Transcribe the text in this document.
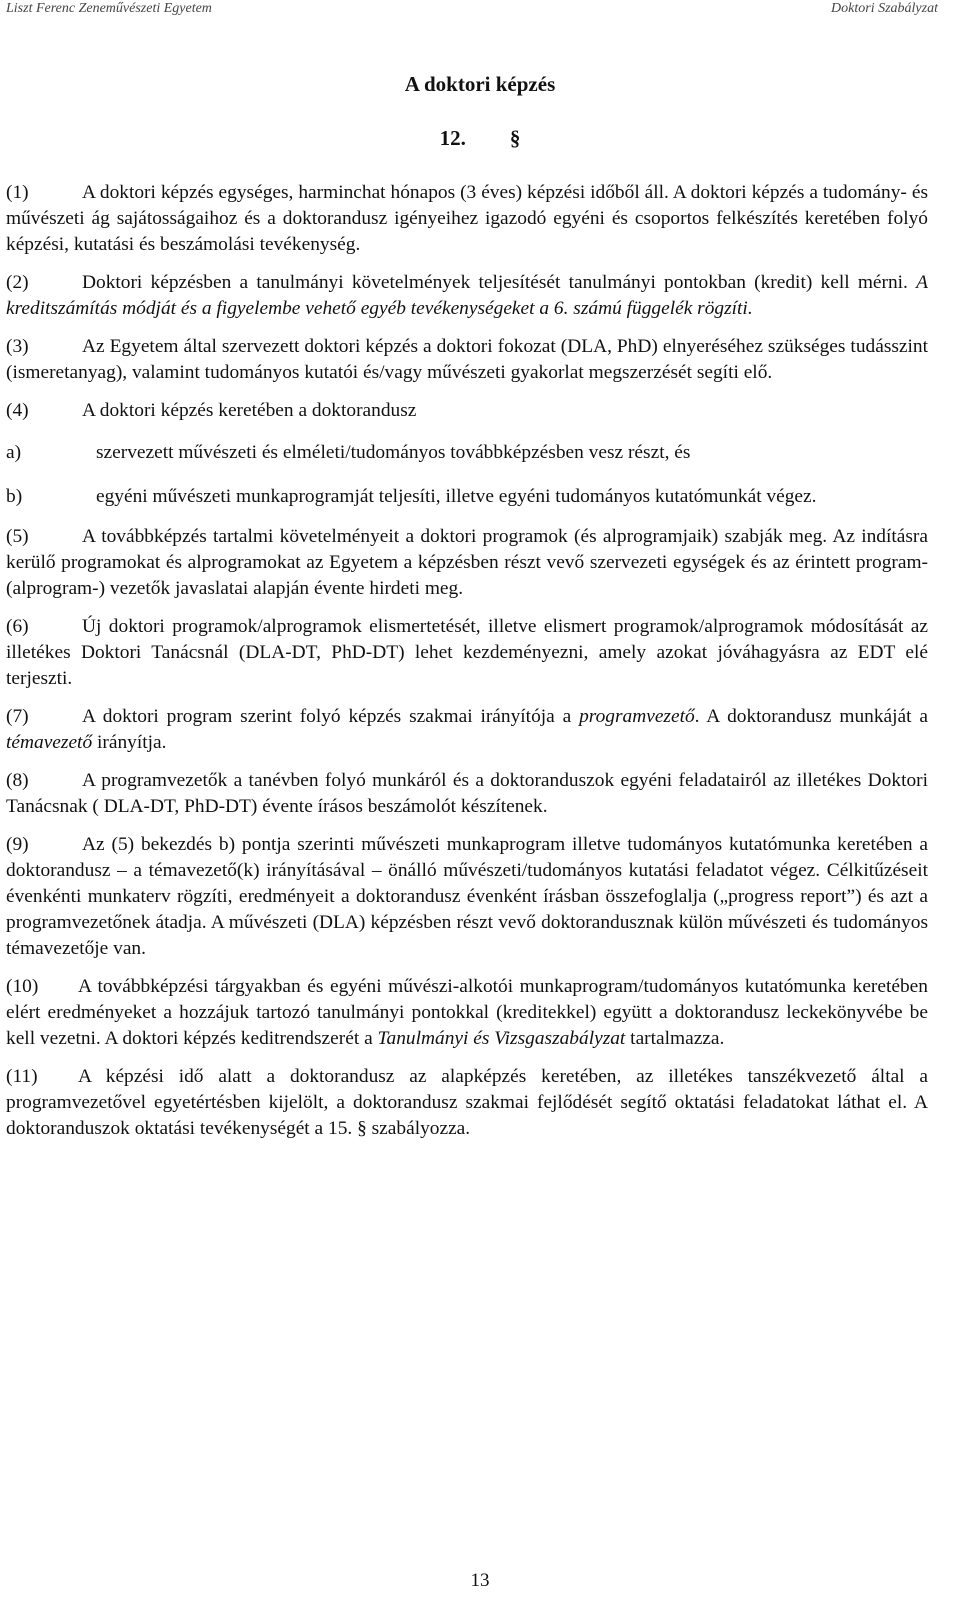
Liszt Ferenc Zeneművészeti Egyetem	Doktori Szabályzat
A doktori képzés
12. §

(1)	A doktori képzés egységes, harminchat hónapos (3 éves) képzési időből áll. A doktori képzés a tudomány- és művészeti ág sajátosságaihoz és a doktorandusz igényeihez igazodó egyéni és csoportos felkészítés keretében folyó képzési, kutatási és beszámolási tevékenység.

(2)	Doktori képzésben a tanulmányi követelmények teljesítését tanulmányi pontokban (kredit) kell mérni. A kreditszámítás módját és a figyelembe vehető egyéb tevékenységeket a 6. számú függelék rögzíti.

(3)	Az Egyetem által szervezett doktori képzés a doktori fokozat (DLA, PhD) elnyeréséhez szükséges tudásszint (ismeretanyag), valamint tudományos kutatói és/vagy művészeti gyakorlat megszerzését segíti elő.

(4)	A doktori képzés keretében a doktorandusz

a)	szervezett művészeti és elméleti/tudományos továbbképzésben vesz részt, és

b)	egyéni művészeti munkaprogramját teljesíti, illetve egyéni tudományos kutatómunkát végez.

(5)	A továbbképzés tartalmi követelményeit a doktori programok (és alprogramjaik) szabják meg. Az indításra kerülő programokat és alprogramokat az Egyetem a képzésben részt vevő szervezeti egységek és az érintett program- (alprogram-) vezetők javaslatai alapján évente hirdeti meg.

(6)	Új doktori programok/alprogramok elismertetését, illetve elismert programok/alprogramok módosítását az illetékes Doktori Tanácsnál (DLA-DT, PhD-DT) lehet kezdeményezni, amely azokat jóváhagyásra az EDT elé terjeszti.

(7)	A doktori program szerint folyó képzés szakmai irányítója a programvezető. A doktorandusz munkáját a témavezető irányítja.

(8)	A programvezetők a tanévben folyó munkáról és a doktoranduszok egyéni feladatairól az illetékes Doktori Tanácsnak ( DLA-DT, PhD-DT) évente írásos beszámolót készítenek.

(9)	Az (5) bekezdés b) pontja szerinti művészeti munkaprogram illetve tudományos kutatómunka keretében a doktorandusz – a témavezető(k) irányításával – önálló művészeti/tudományos kutatási feladatot végez. Célkitűzéseit évenkénti munkaterv rögzíti, eredményeit a doktorandusz évenként írásban összefoglalja („progress report”) és azt a programvezetőnek átadja. A művészeti (DLA) képzésben részt vevő doktorandusznak külön művészeti és tudományos témavezetője van.

(10) A továbbképzési tárgyakban és egyéni művészi-alkotói munkaprogram/tudományos kutatómunka keretében elért eredményeket a hozzájuk tartozó tanulmányi pontokkal (kreditekkel) együtt a doktorandusz leckekönyvébe be kell vezetni. A doktori képzés keditrendszerét a Tanulmányi és Vizsgaszabályzat tartalmazza.

(11) A képzési idő alatt a doktorandusz az alapképzés keretében, az illetékes tanszékvezető által a programvezetővel egyetértésben kijelölt, a doktorandusz szakmai fejlődését segítő oktatási feladatokat láthat el. A doktoranduszok oktatási tevékenységét a 15. § szabályozza.

13
